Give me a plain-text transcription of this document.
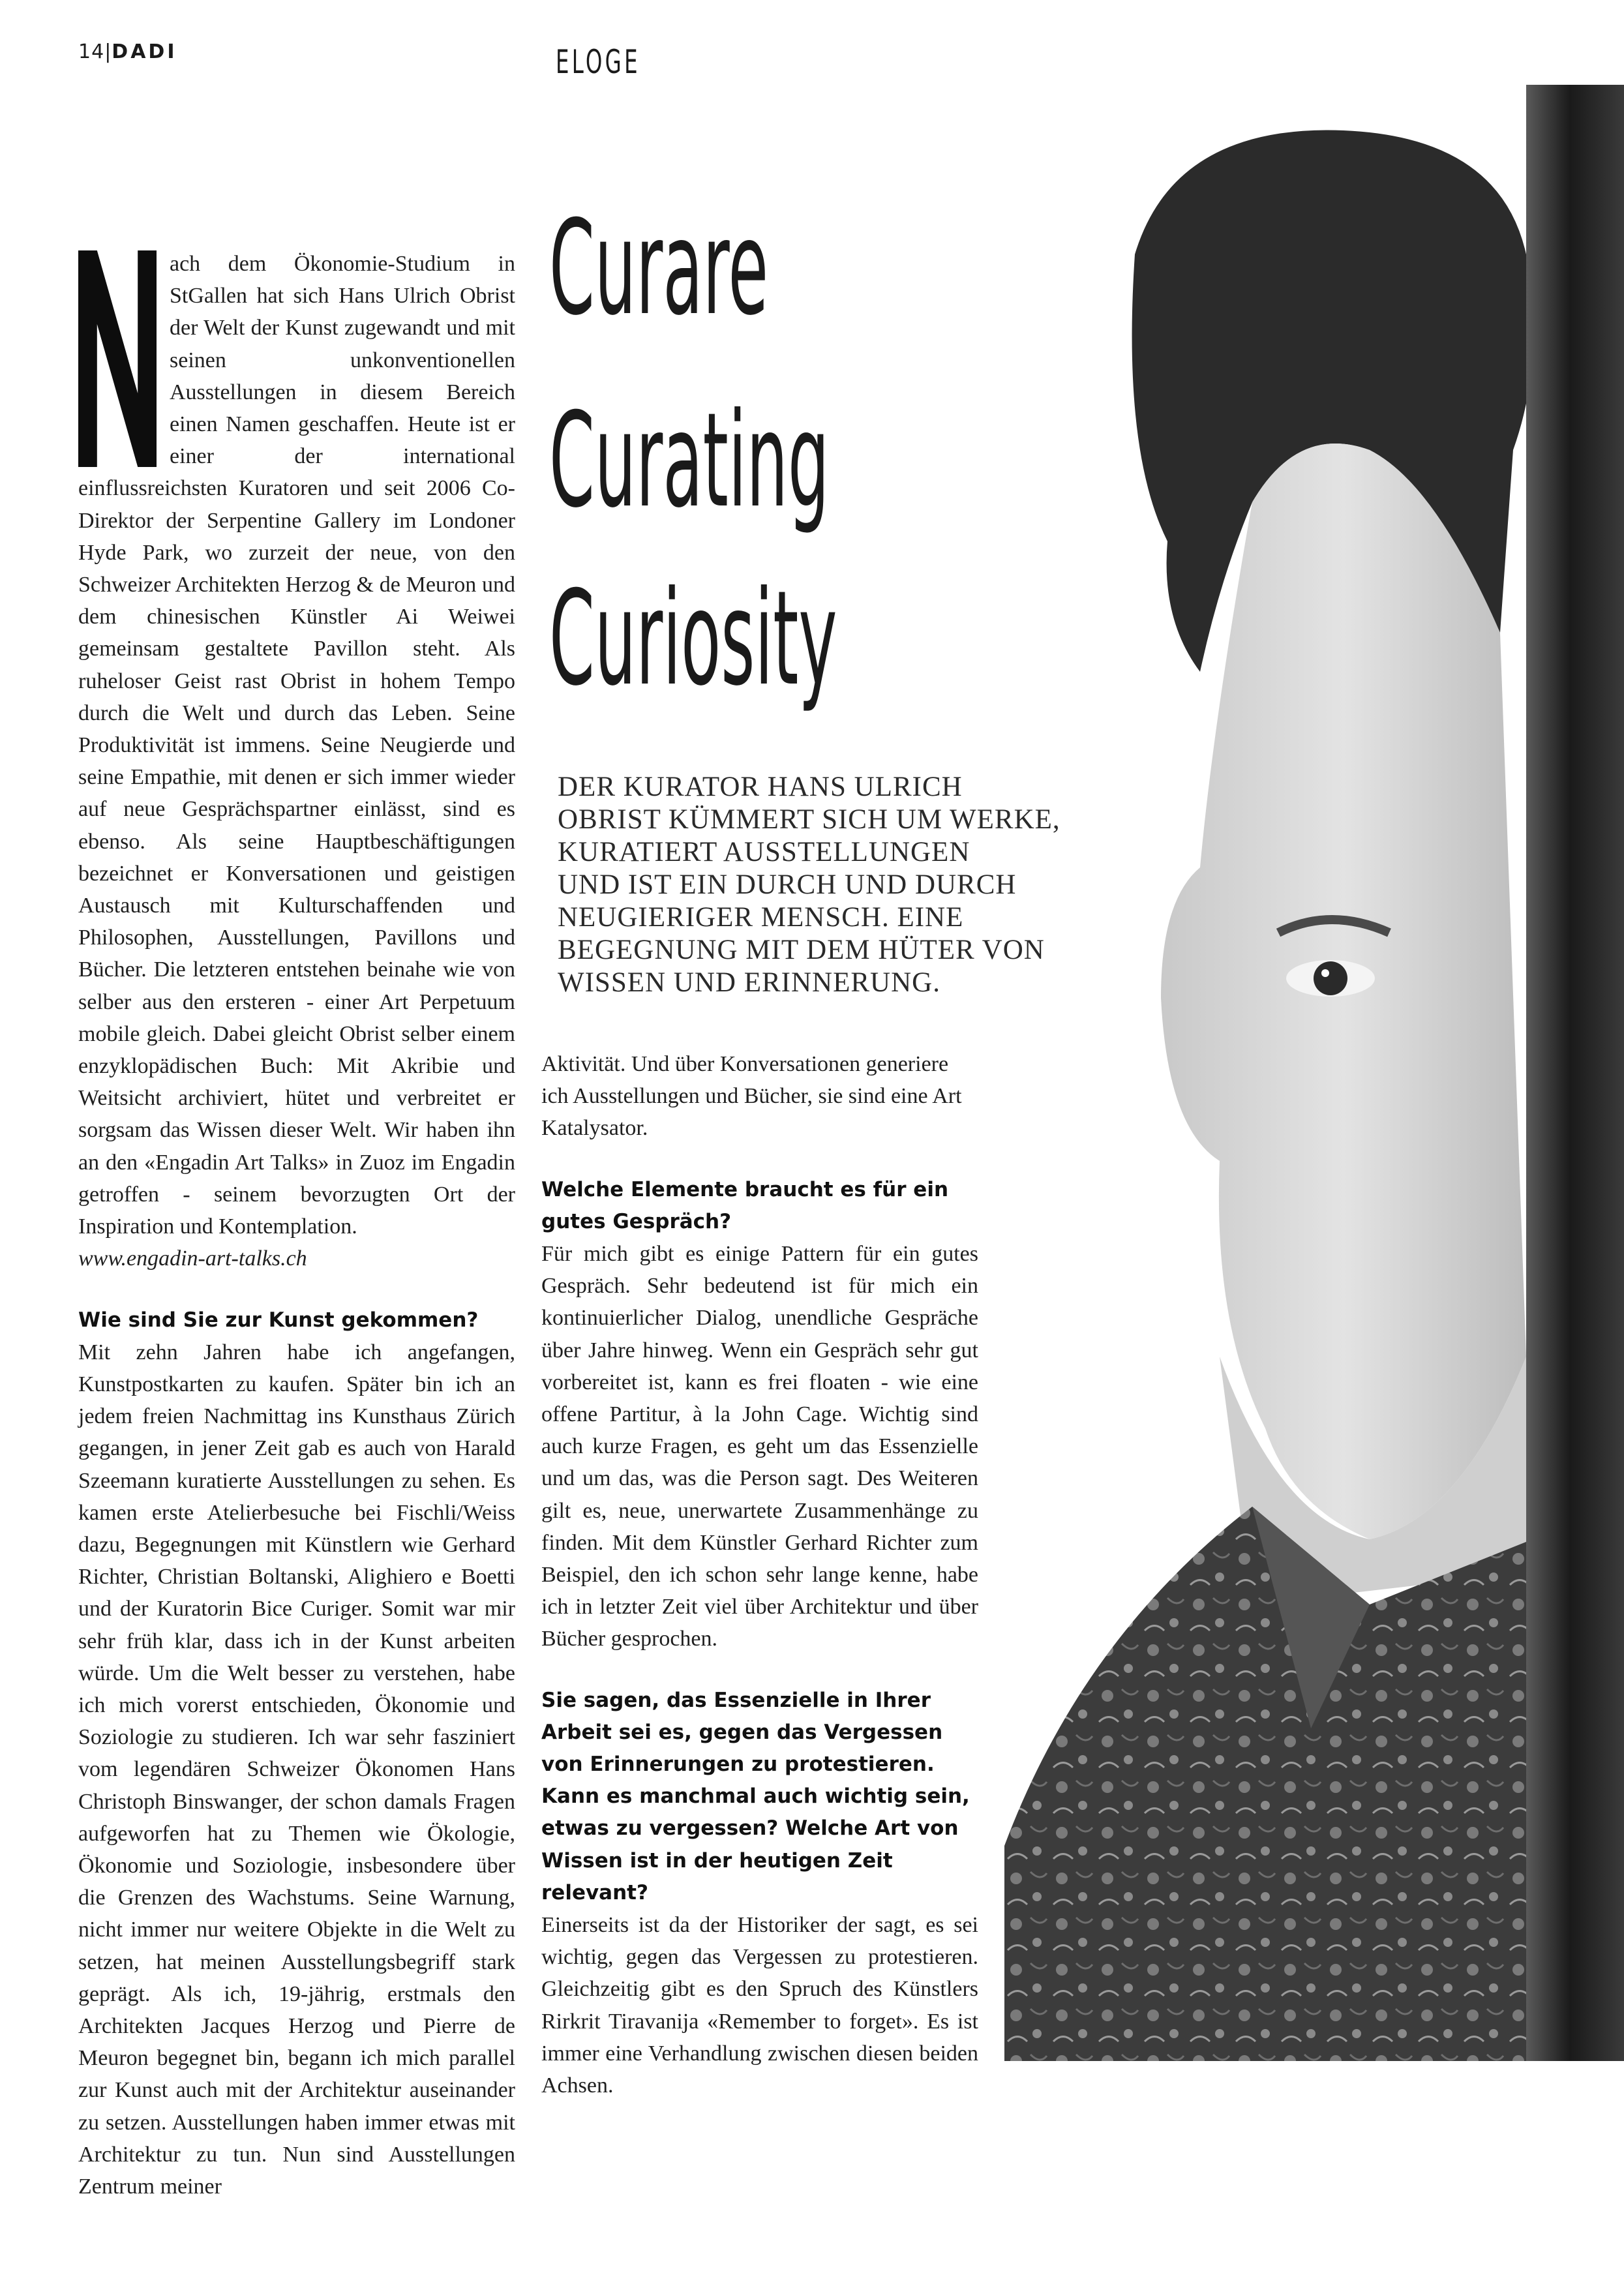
14|DADI	ELOGE
Curare
Curating
Curiosity

DER KURATOR HANS ULRICH

OBRIST KÜMMERT SICH UM WERKE,

KURATIERT AUSSTELLUNGEN

UND IST EIN DURCH UND DURCH

NEUGIERIGER MENSCH. EINE

BEGEGNUNG MIT DEM HÜTER VON

WISSEN UND ERINNERUNG.

ach dem Ökonomie-Studium in StGallen hat sich Hans Ulrich Obrist der Welt der Kunst zugewandt und mit seinen unkonventionellen Ausstellungen in diesem Bereich einen Namen geschaffen. Heute ist er einer der international einflussreichsten Kuratoren und seit 2006 Co-Direktor der Serpentine Gallery im Londoner Hyde Park, wo zurzeit der neue, von den Schweizer Architekten Herzog & de Meuron und dem chinesischen Künstler Ai Weiwei gemeinsam gestaltete Pavillon steht. Als ruheloser Geist rast Obrist in hohem Tempo durch die Welt und durch das Leben. Seine Produktivität ist immens. Seine Neugierde und seine Empathie, mit denen er sich immer wieder auf neue Gesprächspartner einlässt, sind es ebenso. Als seine Hauptbeschäftigungen bezeichnet er Konversationen und geistigen Austausch mit Kulturschaffenden und Philosophen, Ausstellungen, Pavillons und Bücher. Die letzteren entstehen beinahe wie von selber aus den ersteren - einer Art Perpetuum mobile gleich. Dabei gleicht Obrist selber einem enzyklopädischen Buch: Mit Akribie und Weitsicht archiviert, hütet und verbreitet er sorgsam das Wissen dieser Welt. Wir haben ihn an den «Engadin Art Talks» in Zuoz im Engadin getroffen - seinem bevorzugten Ort der Inspiration und Kontemplation.

www.engadin-art-talks.ch

Wie sind Sie zur Kunst gekommen?

Mit zehn Jahren habe ich angefangen, Kunstpostkarten zu kaufen. Später bin ich an jedem freien Nachmittag ins Kunsthaus Zürich gegangen, in jener Zeit gab es auch von Harald Szeemann kuratierte Ausstellungen zu sehen. Es kamen erste Atelierbesuche bei Fischli/Weiss dazu, Begegnungen mit Künstlern wie Gerhard Richter, Christian Boltanski, Alighiero e Boetti und der Kuratorin Bice Curiger. Somit war mir sehr früh klar, dass ich in der Kunst arbeiten würde. Um die Welt besser zu verstehen, habe ich mich vorerst entschieden, Ökonomie und Soziologie zu studieren. Ich war sehr fasziniert vom legendären Schweizer Ökonomen Hans Christoph Binswanger, der schon damals Fragen aufgeworfen hat zu Themen wie Ökologie, Ökonomie und Soziologie, insbesondere über die Grenzen des Wachstums. Seine Warnung, nicht immer nur weitere Objekte in die Welt zu setzen, hat meinen Ausstellungsbegriff stark geprägt. Als ich, 19-jährig, erstmals den Architekten Jacques Herzog und Pierre de Meuron begegnet bin, begann ich mich parallel zur Kunst auch mit der Architektur auseinander zu setzen. Ausstellungen haben immer etwas mit Architektur zu tun. Nun sind Ausstellungen Zentrum meiner

Aktivität. Und über Konversationen generiere ich Ausstellungen und Bücher, sie sind eine Art Katalysator.

Welche Elemente braucht es für ein gutes Gespräch?

Für mich gibt es einige Pattern für ein gutes Gespräch. Sehr bedeutend ist für mich ein kontinuierlicher Dialog, unendliche Gespräche über Jahre hinweg. Wenn ein Gespräch sehr gut vorbereitet ist, kann es frei floaten - wie eine offene Partitur, à la John Cage. Wichtig sind auch kurze Fragen, es geht um das Essenzielle und um das, was die Person sagt. Des Weiteren gilt es, neue, unerwartete Zusammenhänge zu finden. Mit dem Künstler Gerhard Richter zum Beispiel, den ich schon sehr lange kenne, habe ich in letzter Zeit viel über Architektur und über Bücher gesprochen.

Sie sagen, das Essenzielle in Ihrer Arbeit sei es, gegen das Vergessen von Erinnerungen zu protestieren. Kann es manchmal auch wichtig sein, etwas zu vergessen? Welche Art von Wissen ist in der heutigen Zeit relevant?

Einerseits ist da der Historiker der sagt, es sei wichtig, gegen das Vergessen zu protestieren. Gleichzeitig gibt es den Spruch des Künstlers Rirkrit Tiravanija «Remember to forget». Es ist immer eine Verhandlung zwischen diesen beiden Achsen.
